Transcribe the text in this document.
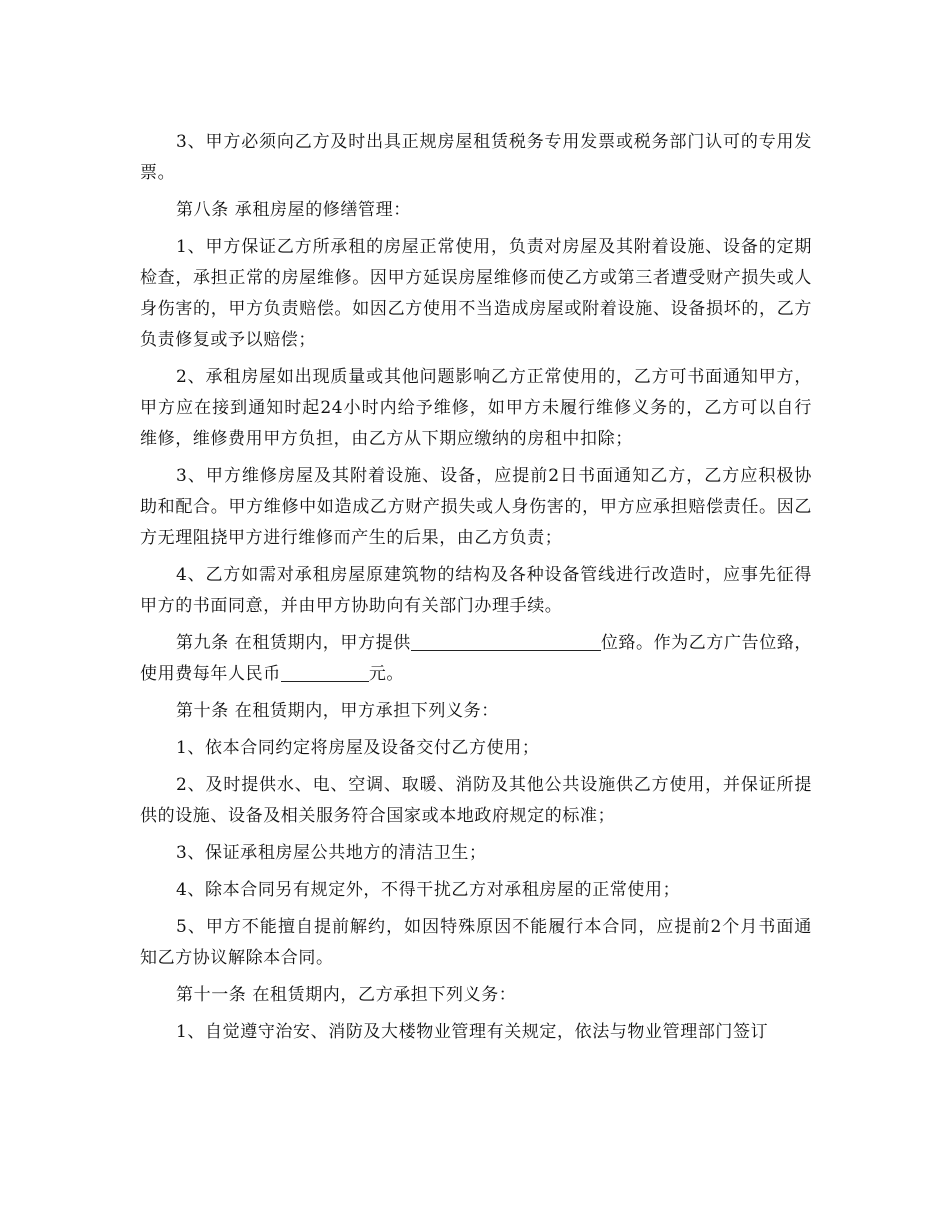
3、甲方必须向乙方及时出具正规房屋租赁税务专用发票或税务部门认可的专用发票。

第八条 承租房屋的修缮管理：

1、甲方保证乙方所承租的房屋正常使用，负责对房屋及其附着设施、设备的定期检查，承担正常的房屋维修。因甲方延误房屋维修而使乙方或第三者遭受财产损失或人身伤害的，甲方负责赔偿。如因乙方使用不当造成房屋或附着设施、设备损坏的，乙方负责修复或予以赔偿；

2、承租房屋如出现质量或其他问题影响乙方正常使用的，乙方可书面通知甲方，甲方应在接到通知时起24小时内给予维修，如甲方未履行维修义务的，乙方可以自行维修，维修费用甲方负担，由乙方从下期应缴纳的房租中扣除；

3、甲方维修房屋及其附着设施、设备，应提前2日书面通知乙方，乙方应积极协助和配合。甲方维修中如造成乙方财产损失或人身伤害的，甲方应承担赔偿责任。因乙方无理阻挠甲方进行维修而产生的后果，由乙方负责；

4、乙方如需对承租房屋原建筑物的结构及各种设备管线进行改造时，应事先征得甲方的书面同意，并由甲方协助向有关部门办理手续。

第九条 在租赁期内，甲方提供	位臵。作为乙方广告位臵，使用费每年人民币	元。

第十条 在租赁期内，甲方承担下列义务：

1、依本合同约定将房屋及设备交付乙方使用；

2、及时提供水、电、空调、取暖、消防及其他公共设施供乙方使用，并保证所提供的设施、设备及相关服务符合国家或本地政府规定的标准；

3、保证承租房屋公共地方的清洁卫生；

4、除本合同另有规定外，不得干扰乙方对承租房屋的正常使用；

5、甲方不能擅自提前解约，如因特殊原因不能履行本合同，应提前2个月书面通知乙方协议解除本合同。

第十一条 在租赁期内，乙方承担下列义务：

1、自觉遵守治安、消防及大楼物业管理有关规定，依法与物业管理部门签订
